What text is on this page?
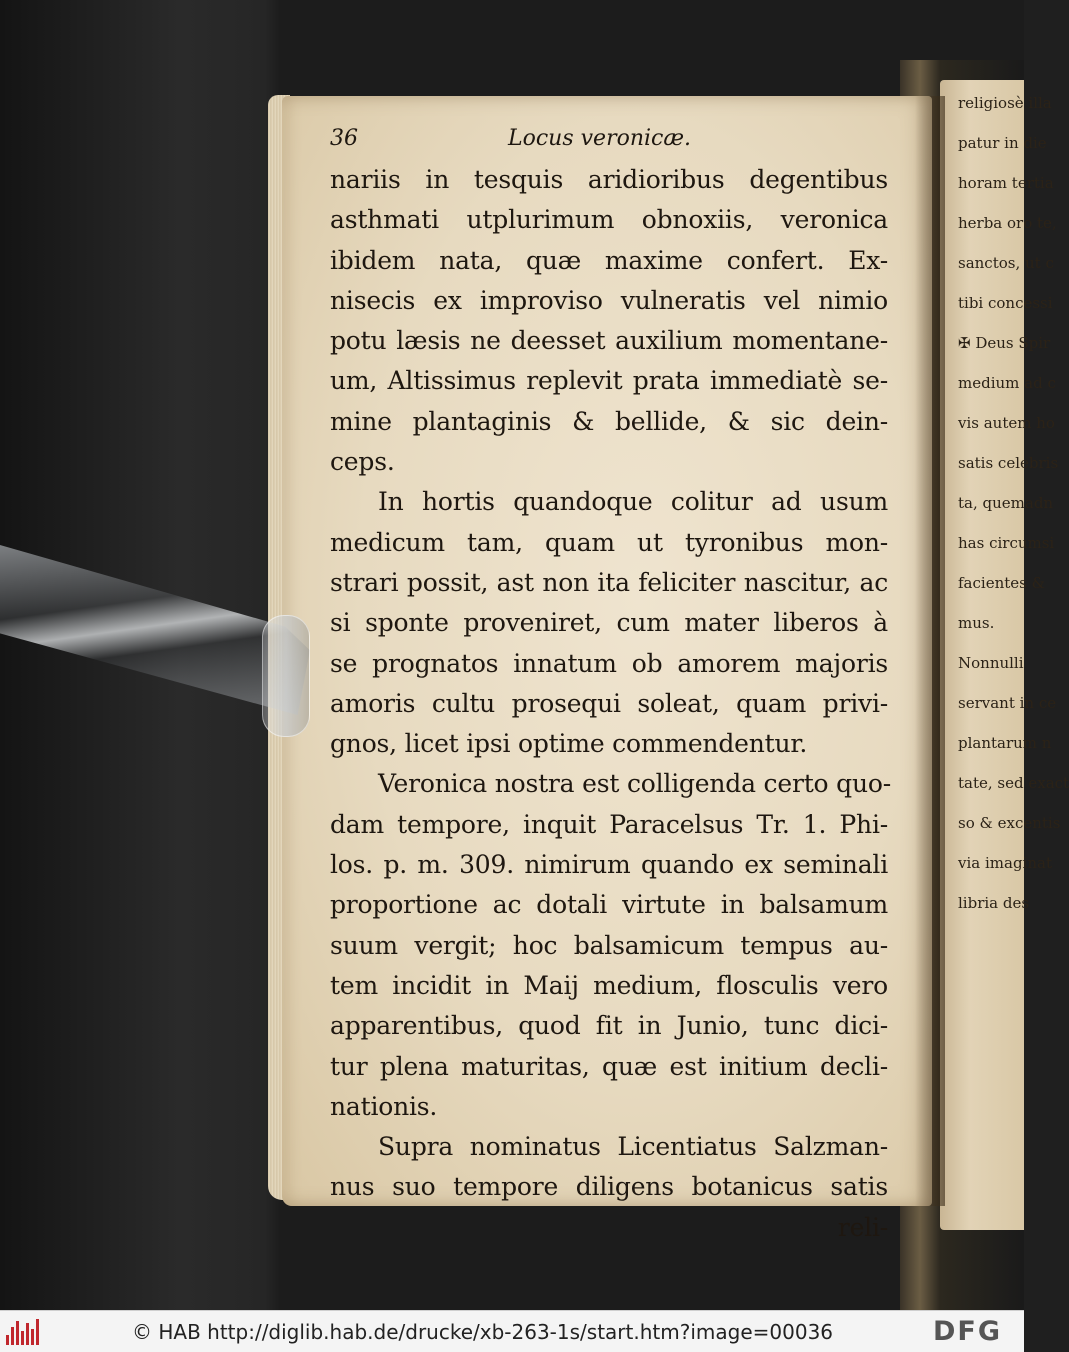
religiosè illa
patur in die
horam tertia
herba oro te,
sanctos, ut c
tibi concessi
✠ Deus Spir
medium ad c
vis autem ho
satis celebris
ta, quemadn
has circumsi
facientes &
mus.
Nonnulli
servant in ce
plantarum n
tate, sed exact
so & excentis
via imaginat
libria des
36	Locus veronicæ.
nariis in tesquis aridioribus degentibus
asthmati utplurimum obnoxiis, veronica
ibidem nata, quæ maxime confert. Ex-
nisecis ex improviso vulneratis vel nimio
potu læsis ne deesset auxilium momentane-
um, Altissimus replevit prata immediatè se-
mine plantaginis & bellide, & sic dein-
ceps.
In hortis quandoque colitur ad usum
medicum tam, quam ut tyronibus mon-
strari possit, ast non ita feliciter nascitur, ac
si sponte proveniret, cum mater liberos à
se prognatos innatum ob amorem majoris
amoris cultu prosequi soleat, quam privi-
gnos, licet ipsi optime commendentur.
Veronica nostra est colligenda certo quo-
dam tempore, inquit Paracelsus Tr. 1. Phi-
los. p. m. 309. nimirum quando ex seminali
proportione ac dotali virtute in balsamum
suum vergit; hoc balsamicum tempus au-
tem incidit in Maij medium, flosculis vero
apparentibus, quod fit in Junio, tunc dici-
tur plena maturitas, quæ est initium decli-
nationis.
Supra nominatus Licentiatus Salzman-
nus suo tempore diligens botanicus satis
reli-
© HAB http://diglib.hab.de/drucke/xb-263-1s/start.htm?image=00036	DFG
